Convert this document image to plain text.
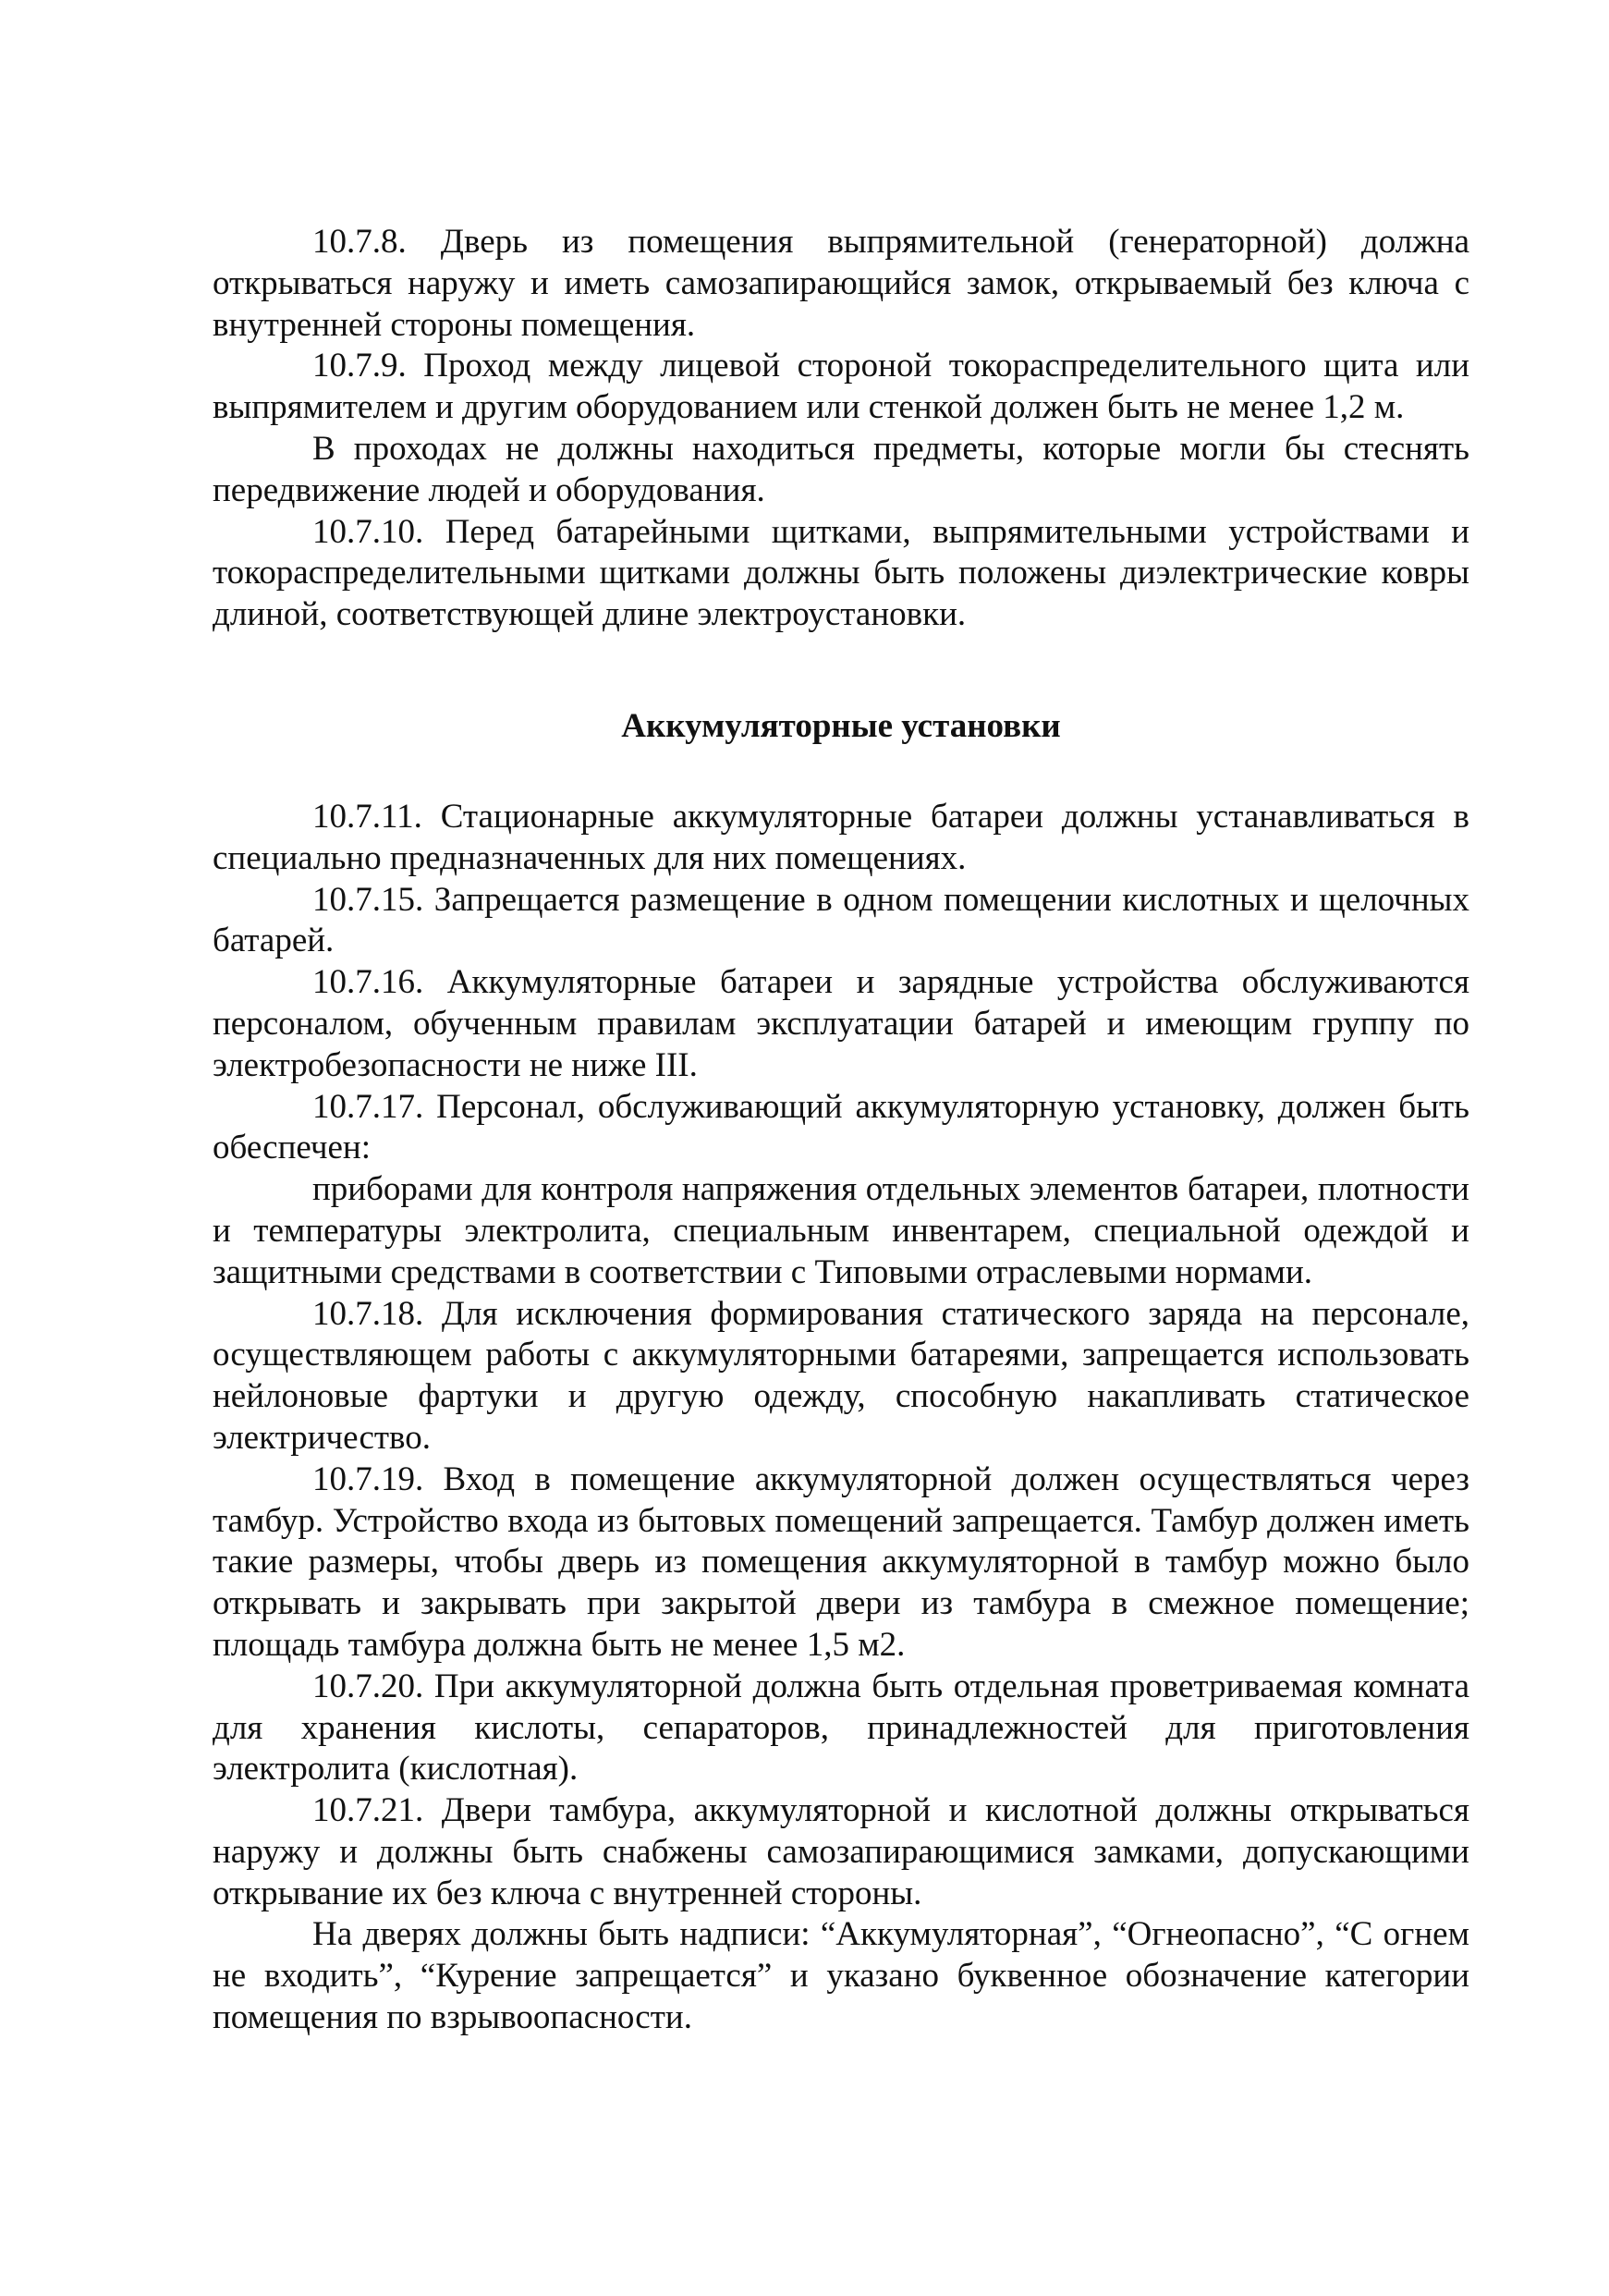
10.7.8. Дверь из помещения выпрямительной (генераторной) должна открываться наружу и иметь самозапирающийся замок, открываемый без ключа с внутренней стороны помещения.

10.7.9. Проход между лицевой стороной токораспределительного щита или выпрямителем и другим оборудованием или стенкой должен быть не менее 1,2 м.

В проходах не должны находиться предметы, которые могли бы стеснять передвижение людей и оборудования.

10.7.10. Перед батарейными щитками, выпрямительными устройствами и токораспределительными щитками должны быть положены диэлектрические ковры длиной, соответствующей длине электроустановки.

Аккумуляторные установки

10.7.11. Стационарные аккумуляторные батареи должны устанавливаться в специально предназначенных для них помещениях.

10.7.15. Запрещается размещение в одном помещении кислотных и щелочных батарей.

10.7.16. Аккумуляторные батареи и зарядные устройства обслуживаются персоналом, обученным правилам эксплуатации батарей и имеющим группу по электробезопасности не ниже III.

10.7.17. Персонал, обслуживающий аккумуляторную установку, должен быть обеспечен:

приборами для контроля напряжения отдельных элементов батареи, плотности и температуры электролита, специальным инвентарем, специальной одеждой и защитными средствами в соответствии с Типовыми отраслевыми нормами.

10.7.18. Для исключения формирования статического заряда на персонале, осуществляющем работы с аккумуляторными батареями, запрещается использовать нейлоновые фартуки и другую одежду, способную накапливать статическое электричество.

10.7.19. Вход в помещение аккумуляторной должен осуществляться через тамбур. Устройство входа из бытовых помещений запрещается. Тамбур должен иметь такие размеры, чтобы дверь из помещения аккумуляторной в тамбур можно было открывать и закрывать при закрытой двери из тамбура в смежное помещение; площадь тамбура должна быть не менее 1,5 м2.

10.7.20. При аккумуляторной должна быть отдельная проветриваемая комната для хранения кислоты, сепараторов, принадлежностей для приготовления электролита (кислотная).

10.7.21. Двери тамбура, аккумуляторной и кислотной должны открываться наружу и должны быть снабжены самозапирающимися замками, допускающими открывание их без ключа с внутренней стороны.

На дверях должны быть надписи: “Аккумуляторная”, “Огнеопасно”, “С огнем не входить”, “Курение запрещается” и указано буквенное обозначение категории помещения по взрывоопасности.
